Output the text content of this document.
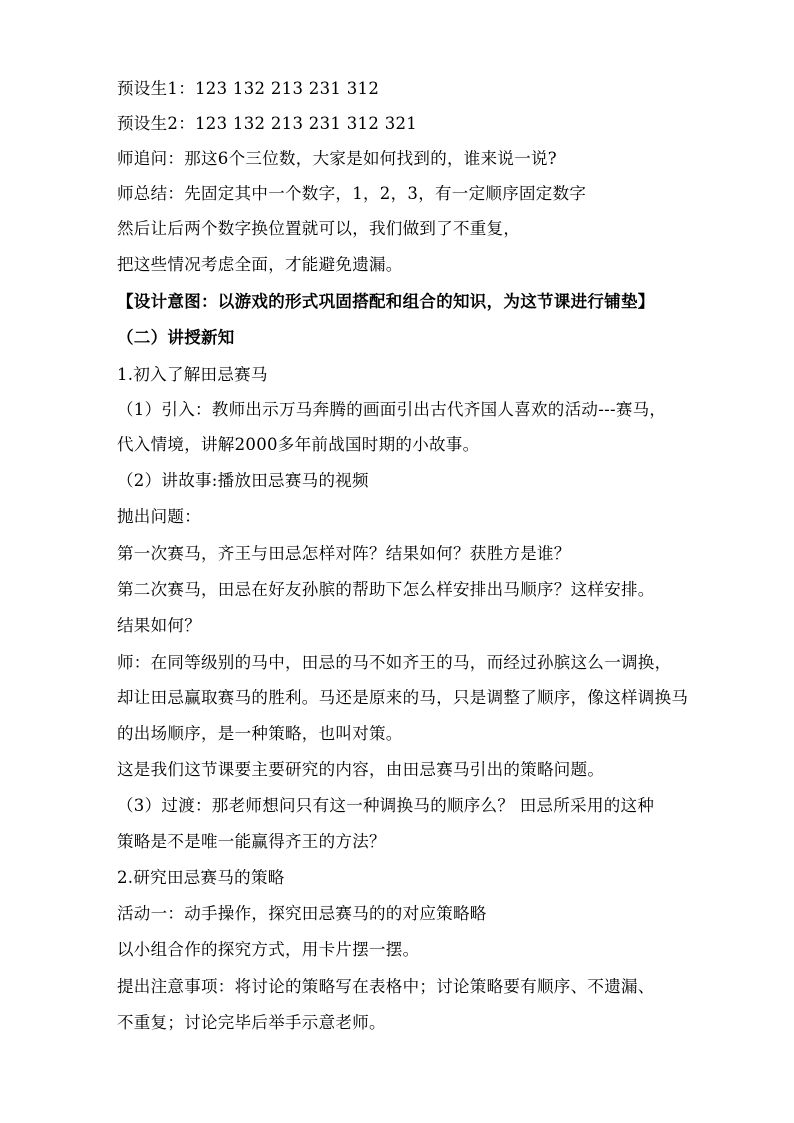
预设生1：123 132 213 231 312
预设生2：123 132 213 231 312 321
师追问：那这6个三位数，大家是如何找到的，谁来说一说?
师总结：先固定其中一个数字，1，2，3，有一定顺序固定数字
然后让后两个数字换位置就可以，我们做到了不重复，
把这些情况考虑全面，才能避免遗漏。
【设计意图：以游戏的形式巩固搭配和组合的知识，为这节课进行铺垫】
（二）讲授新知
1.初入了解田忌赛马
（1）引入：教师出示万马奔腾的画面引出古代齐国人喜欢的活动---赛马，
代入情境，讲解2000多年前战国时期的小故事。
（2）讲故事:播放田忌赛马的视频
抛出问题：
第一次赛马，齐王与田忌怎样对阵？结果如何？获胜方是谁？
第二次赛马，田忌在好友孙膑的帮助下怎么样安排出马顺序？这样安排。
结果如何？
师：在同等级别的马中，田忌的马不如齐王的马，而经过孙膑这么一调换，
却让田忌赢取赛马的胜利。马还是原来的马，只是调整了顺序，像这样调换马
的出场顺序，是一种策略，也叫对策。
这是我们这节课要主要研究的内容，由田忌赛马引出的策略问题。
（3）过渡：那老师想问只有这一种调换马的顺序么？ 田忌所采用的这种
策略是不是唯一能赢得齐王的方法？
2.研究田忌赛马的策略
活动一：动手操作，探究田忌赛马的的对应策略略
以小组合作的探究方式，用卡片摆一摆。
提出注意事项：将讨论的策略写在表格中；讨论策略要有顺序、不遗漏、
不重复；讨论完毕后举手示意老师。
